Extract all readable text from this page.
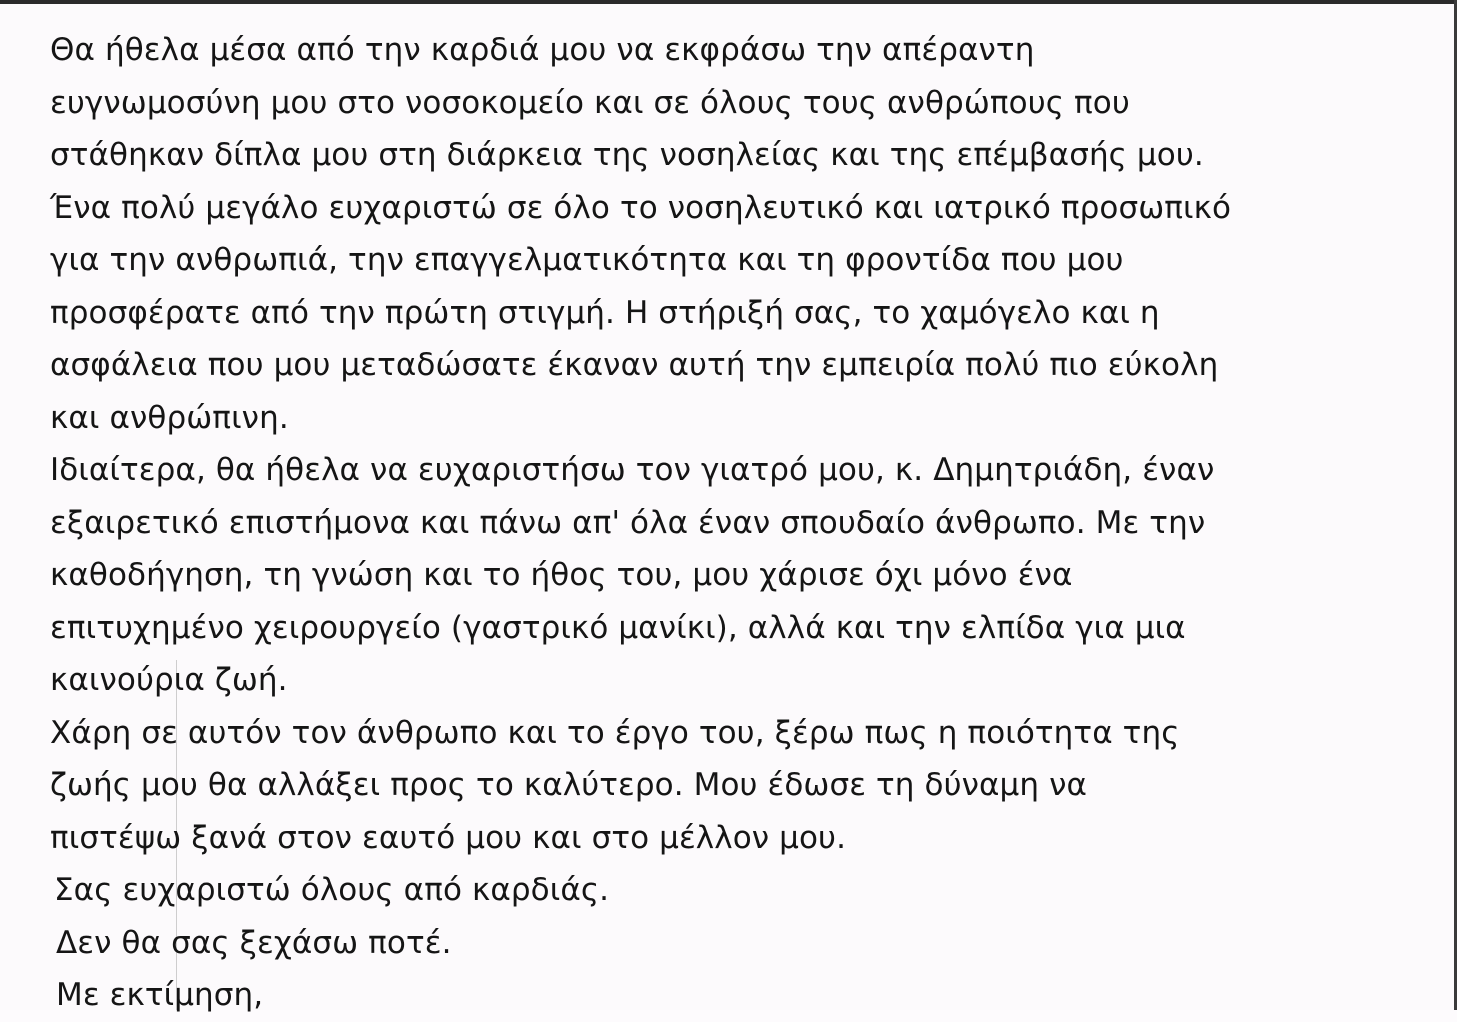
Θα ήθελα μέσα από την καρδιά μου να εκφράσω την απέραντη
ευγνωμοσύνη μου στο νοσοκομείο και σε όλους τους ανθρώπους που
στάθηκαν δίπλα μου στη διάρκεια της νοσηλείας και της επέμβασής μου.
Ένα πολύ μεγάλο ευχαριστώ σε όλο το νοσηλευτικό και ιατρικό προσωπικό
για την ανθρωπιά, την επαγγελματικότητα και τη φροντίδα που μου
προσφέρατε από την πρώτη στιγμή. Η στήριξή σας, το χαμόγελο και η
ασφάλεια που μου μεταδώσατε έκαναν αυτή την εμπειρία πολύ πιο εύκολη
και ανθρώπινη.
Ιδιαίτερα, θα ήθελα να ευχαριστήσω τον γιατρό μου, κ. Δημητριάδη, έναν
εξαιρετικό επιστήμονα και πάνω απ' όλα έναν σπουδαίο άνθρωπο. Με την
καθοδήγηση, τη γνώση και το ήθος του, μου χάρισε όχι μόνο ένα
επιτυχημένο χειρουργείο (γαστρικό μανίκι), αλλά και την ελπίδα για μια
καινούρια ζωή.
Χάρη σε αυτόν τον άνθρωπο και το έργο του, ξέρω πως η ποιότητα της
ζωής μου θα αλλάξει προς το καλύτερο. Μου έδωσε τη δύναμη να
πιστέψω ξανά στον εαυτό μου και στο μέλλον μου.
Σας ευχαριστώ όλους από καρδιάς.
Δεν θα σας ξεχάσω ποτέ.
Με εκτίμηση,
